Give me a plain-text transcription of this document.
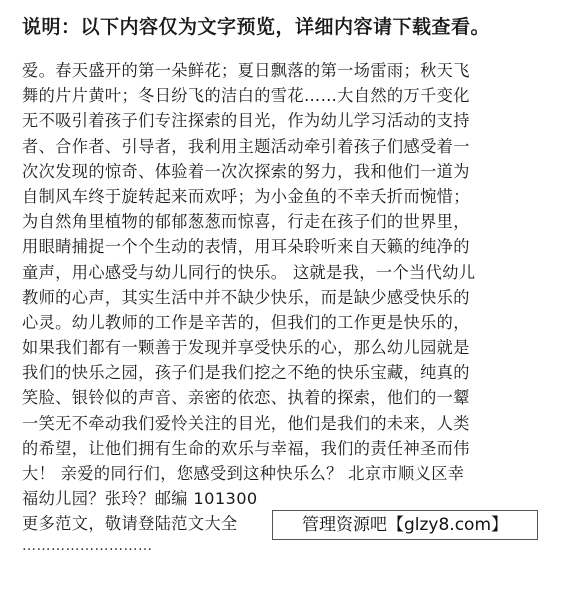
说明：以下内容仅为文字预览，详细内容请下载查看。
爱。春天盛开的第一朵鲜花；夏日飘落的第一场雷雨；秋天飞
舞的片片黄叶；冬日纷飞的洁白的雪花……大自然的万千变化
无不吸引着孩子们专注探索的目光，作为幼儿学习活动的支持
者、合作者、引导者，我利用主题活动牵引着孩子们感受着一
次次发现的惊奇、体验着一次次探索的努力，我和他们一道为
自制风车终于旋转起来而欢呼；为小金鱼的不幸夭折而惋惜；
为自然角里植物的郁郁葱葱而惊喜，行走在孩子们的世界里，
用眼睛捕捉一个个生动的表情，用耳朵聆听来自天籁的纯净的
童声，用心感受与幼儿同行的快乐。 这就是我，一个当代幼儿
教师的心声，其实生活中并不缺少快乐，而是缺少感受快乐的
心灵。幼儿教师的工作是辛苦的，但我们的工作更是快乐的，
如果我们都有一颗善于发现并享受快乐的心，那么幼儿园就是
我们的快乐之园，孩子们是我们挖之不绝的快乐宝藏，纯真的
笑脸、银铃似的声音、亲密的依恋、执着的探索，他们的一颦
一笑无不牵动我们爱怜关注的目光，他们是我们的未来，人类
的希望，让他们拥有生命的欢乐与幸福，我们的责任神圣而伟
大！ 亲爱的同行们，您感受到这种快乐么？ 北京市顺义区幸
福幼儿园？张玲？邮编 101300
更多范文，敬请登陆范文大全	管理资源吧【glzy8.com】
………………………
